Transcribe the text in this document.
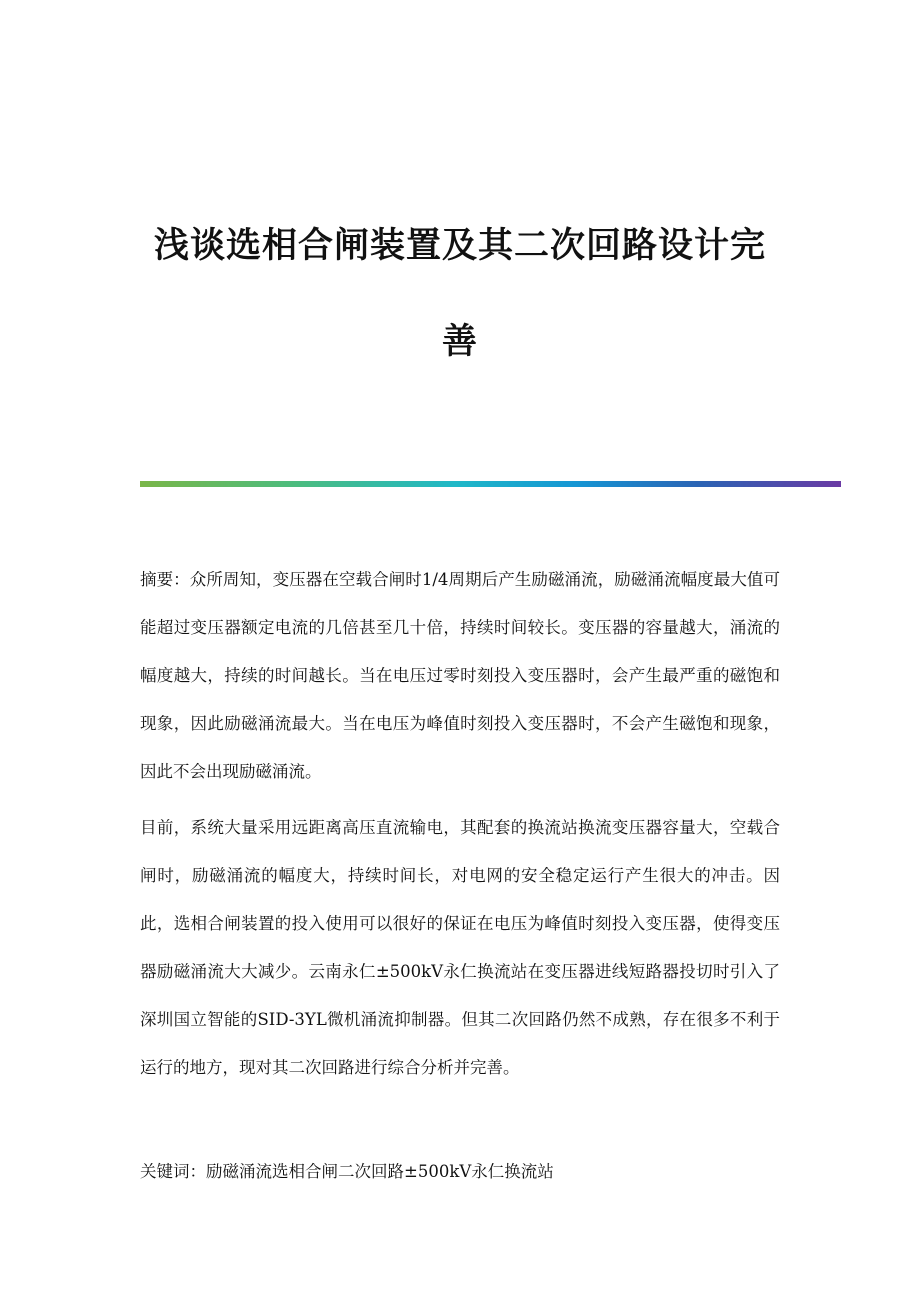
浅谈选相合闸装置及其二次回路设计完
善

摘要：众所周知，变压器在空载合闸时1/4周期后产生励磁涌流，励磁涌流幅度最大值可能超过变压器额定电流的几倍甚至几十倍，持续时间较长。变压器的容量越大，涌流的幅度越大，持续的时间越长。当在电压过零时刻投入变压器时，会产生最严重的磁饱和现象，因此励磁涌流最大。当在电压为峰值时刻投入变压器时，不会产生磁饱和现象，因此不会出现励磁涌流。

目前，系统大量采用远距离高压直流输电，其配套的换流站换流变压器容量大，空载合闸时，励磁涌流的幅度大，持续时间长，对电网的安全稳定运行产生很大的冲击。因此，选相合闸装置的投入使用可以很好的保证在电压为峰值时刻投入变压器，使得变压器励磁涌流大大减少。云南永仁±500kV永仁换流站在变压器进线短路器投切时引入了深圳国立智能的SID-3YL微机涌流抑制器。但其二次回路仍然不成熟，存在很多不利于运行的地方，现对其二次回路进行综合分析并完善。

关键词：励磁涌流选相合闸二次回路±500kV永仁换流站
